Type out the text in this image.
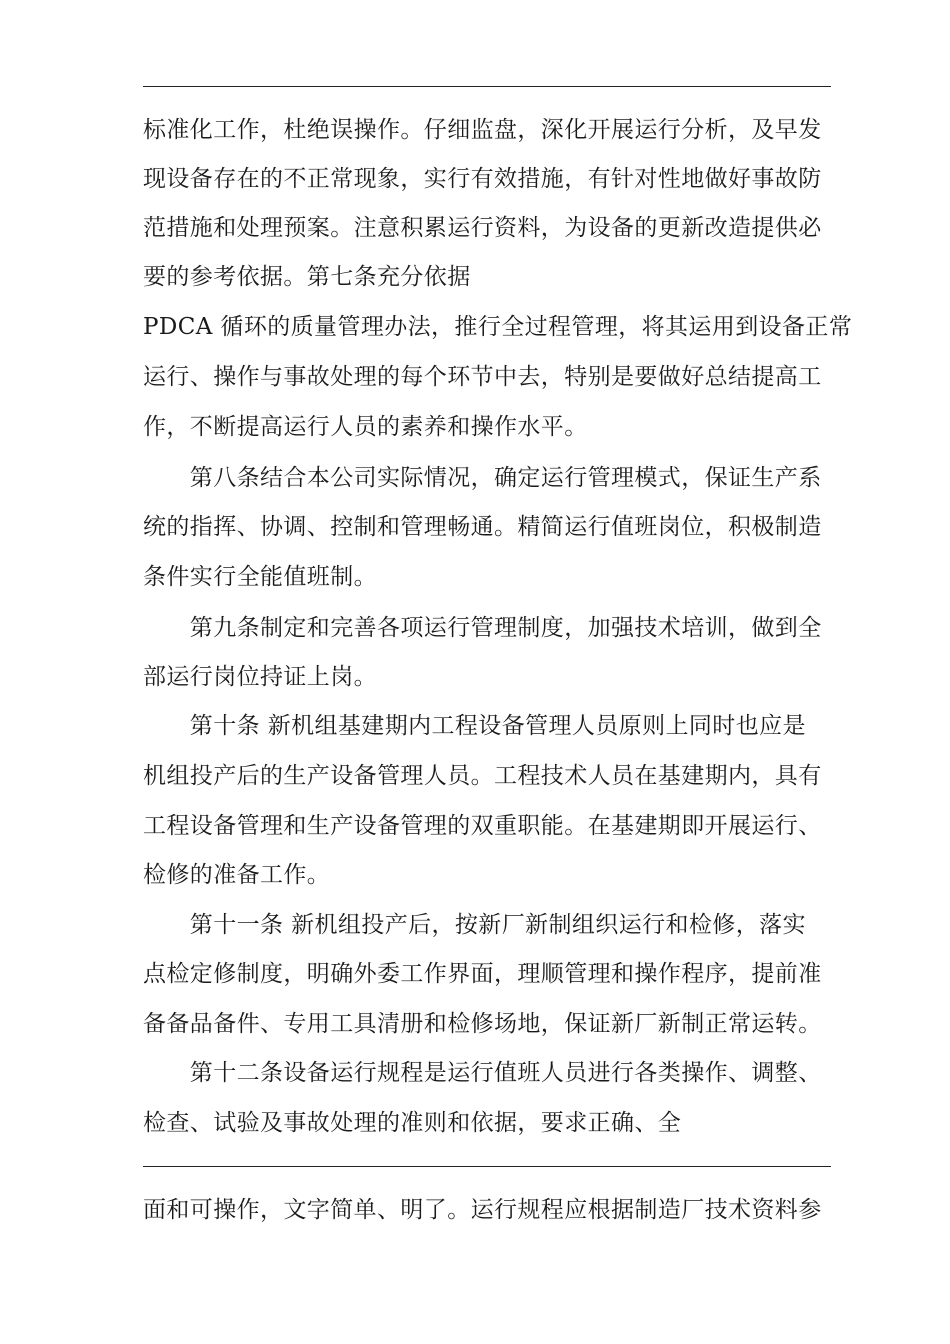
标准化工作，杜绝误操作。仔细监盘，深化开展运行分析，及早发
现设备存在的不正常现象，实行有效措施，有针对性地做好事故防
范措施和处理预案。注意积累运行资料，为设备的更新改造提供必
要的参考依据。第七条充分依据
PDCA 循环的质量管理办法，推行全过程管理，将其运用到设备正常
运行、操作与事故处理的每个环节中去，特别是要做好总结提高工
作，不断提高运行人员的素养和操作水平。
　　第八条结合本公司实际情况，确定运行管理模式，保证生产系
统的指挥、协调、控制和管理畅通。精简运行值班岗位，积极制造
条件实行全能值班制。
　　第九条制定和完善各项运行管理制度，加强技术培训，做到全
部运行岗位持证上岗。
　　第十条 新机组基建期内工程设备管理人员原则上同时也应是
机组投产后的生产设备管理人员。工程技术人员在基建期内，具有
工程设备管理和生产设备管理的双重职能。在基建期即开展运行、
检修的准备工作。
　　第十一条 新机组投产后，按新厂新制组织运行和检修，落实
点检定修制度，明确外委工作界面，理顺管理和操作程序，提前准
备备品备件、专用工具清册和检修场地，保证新厂新制正常运转。
　　第十二条设备运行规程是运行值班人员进行各类操作、调整、
检查、试验及事故处理的准则和依据，要求正确、全
面和可操作，文字简单、明了。运行规程应根据制造厂技术资料参
